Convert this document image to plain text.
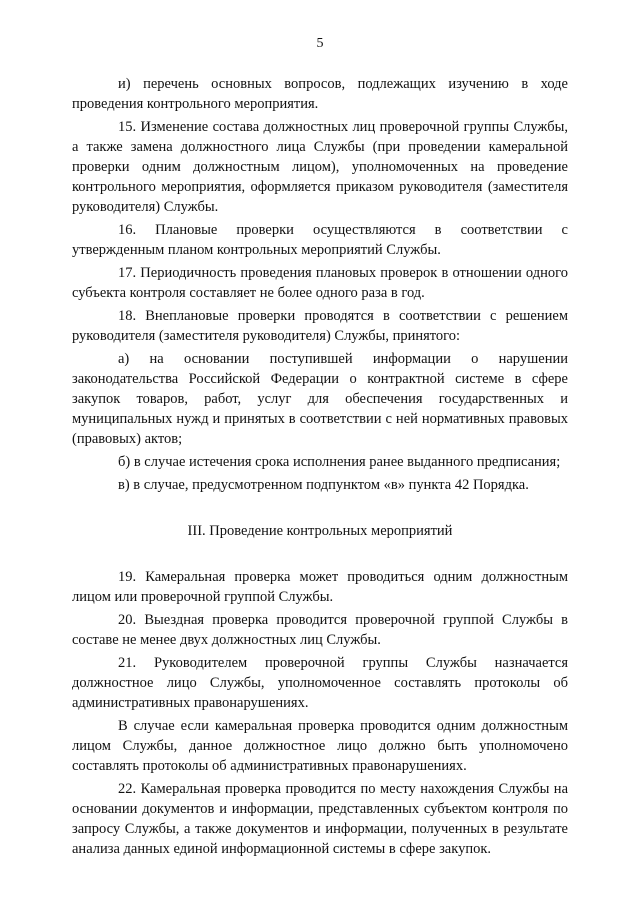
5

и) перечень основных вопросов, подлежащих изучению в ходе проведения контрольного мероприятия.

15. Изменение состава должностных лиц проверочной группы Службы, а также замена должностного лица Службы (при проведении камеральной проверки одним должностным лицом), уполномоченных на проведение контрольного мероприятия, оформляется приказом руководителя (заместителя руководителя) Службы.

16. Плановые проверки осуществляются в соответствии с утвержденным планом контрольных мероприятий Службы.

17. Периодичность проведения плановых проверок в отношении одного субъекта контроля составляет не более одного раза в год.

18. Внеплановые проверки проводятся в соответствии с решением руководителя (заместителя руководителя) Службы, принятого:

а) на основании поступившей информации о нарушении законодательства Российской Федерации о контрактной системе в сфере закупок товаров, работ, услуг для обеспечения государственных и муниципальных нужд и принятых в соответствии с ней нормативных правовых (правовых) актов;

б) в случае истечения срока исполнения ранее выданного предписания;

в) в случае, предусмотренном подпунктом «в» пункта 42 Порядка.

III. Проведение контрольных мероприятий

19. Камеральная проверка может проводиться одним должностным лицом или проверочной группой Службы.

20. Выездная проверка проводится проверочной группой Службы в составе не менее двух должностных лиц Службы.

21. Руководителем проверочной группы Службы назначается должностное лицо Службы, уполномоченное составлять протоколы об административных правонарушениях.

В случае если камеральная проверка проводится одним должностным лицом Службы, данное должностное лицо должно быть уполномочено составлять протоколы об административных правонарушениях.

22. Камеральная проверка проводится по месту нахождения Службы на основании документов и информации, представленных субъектом контроля по запросу Службы, а также документов и информации, полученных в результате анализа данных единой информационной системы в сфере закупок.
